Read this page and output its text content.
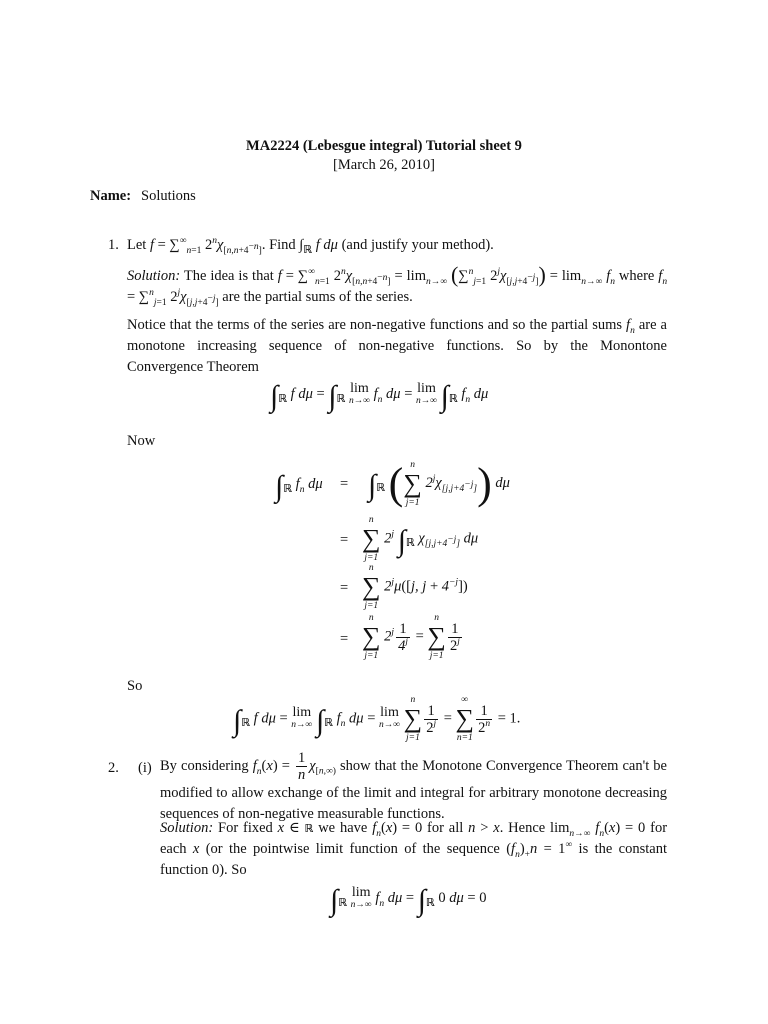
MA2224 (Lebesgue integral) Tutorial sheet 9
[March 26, 2010]
Name: Solutions
1. Let $f = \sum^\infty_{n=1}$ $2^n\chi_{[n,n+4^{-n}]}$. Find $\int_ℝ$ f dμ (and justify your method).
Solution: The idea is that $f = \sum^\infty_{n=1}$ $2^n\chi_{[n,n+4^{-n}]} = \lim_{n\to\infty} (\sum^n_{j=1}$ $2^j\chi_{[j,j+4^{-j}]}) = \lim_{n\to\infty} f_n$ where $f_n = \sum^n_{j=1}$ $2^j\chi_{[j,j+4^{-j}]}$ are the partial sums of the series.
Notice that the terms of the series are non-negative functions and so the partial sums $f_n$ are a monotone increasing sequence of non-negative functions. So by the Monontone Convergence Theorem
$\int_ℝ$ f $d\mu = \int_ℝ$
lim
n→∞ $f_n$ dμ = lim
n→∞ $\int_ℝ$ $f_n$ dμ
Now
$\int_ℝ$ $f_n$ $d\mu = \int_ℝ$ ( n
∑
j=1
$2^j\chi_{[j,j+4^{-j}]}$) dμ
=
n
∑
j=1
2$^j$ $\int_ℝ$ $\chi_{[j,j+4^{-j}]}$ dμ
=
n
∑
j=1
2$^j$μ([j, $j + 4^{-j}$])
=
n
∑
j=1
$2^j \frac{1}{4^j}$ =
n
∑
j=1
$\frac{1}{2^j}$
So
$\int_ℝ$ f dμ = lim
n→∞ $\int_ℝ$ $f_n$ dμ = lim
n→∞

n
∑
j=1
$\frac{1}{2^j}$ =
∞
∑
n=1
$\frac{1}{2^n} = 1$.
2. (i) By considering $f_n(x) = \frac{1}{n} \chi_{[n,\infty)}$ show that the Monotone Convergence Theorem can't be modified to allow exchange of the limit and integral for arbitrary monotone decreasing sequences of non-negative measurable functions.
Solution: For fixed x ∈ ℝ we have $f_n(x) = 0$ for all n > x. Hence $\lim_{n\to\infty} f_n(x) = 0$ for each x (or the pointwise limit function of the sequence $(f_n)_+n = 1^\infty$ is the constant function 0). So
$\int_ℝ$
lim
n→∞ $f_n$ $d\mu = \int_ℝ$ 0 dμ = 0
